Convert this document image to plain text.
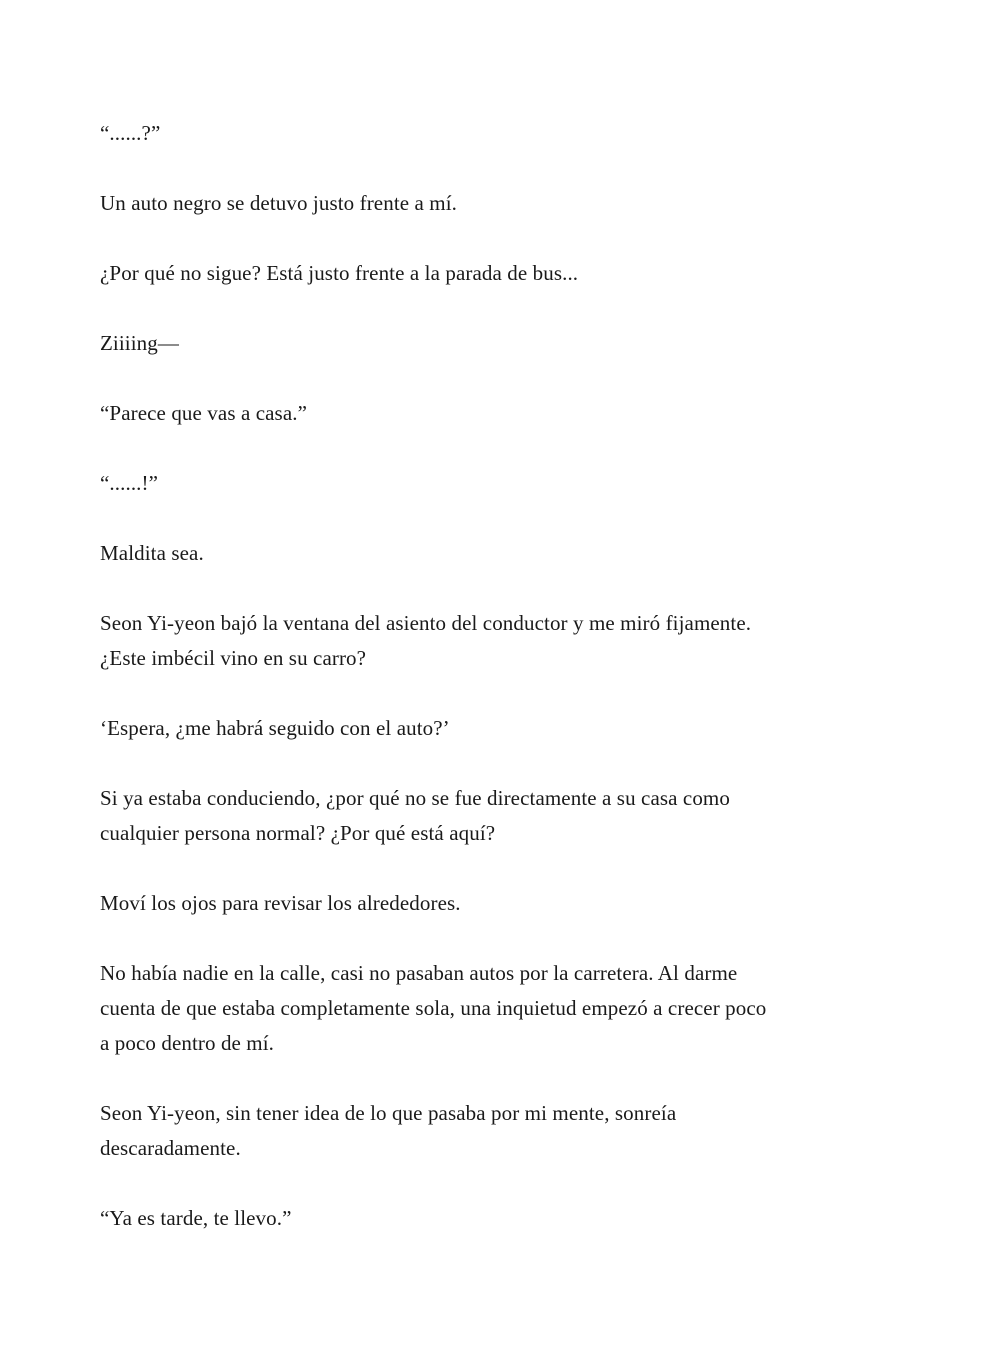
“......?”

Un auto negro se detuvo justo frente a mí.

¿Por qué no sigue? Está justo frente a la parada de bus...

Ziiiing—

“Parece que vas a casa.”

“......!”

Maldita sea.

Seon Yi-yeon bajó la ventana del asiento del conductor y me miró fijamente.
¿Este imbécil vino en su carro?

‘Espera, ¿me habrá seguido con el auto?’

Si ya estaba conduciendo, ¿por qué no se fue directamente a su casa como
cualquier persona normal? ¿Por qué está aquí?

Moví los ojos para revisar los alrededores.

No había nadie en la calle, casi no pasaban autos por la carretera. Al darme
cuenta de que estaba completamente sola, una inquietud empezó a crecer poco
a poco dentro de mí.

Seon Yi-yeon, sin tener idea de lo que pasaba por mi mente, sonreía
descaradamente.

“Ya es tarde, te llevo.”
